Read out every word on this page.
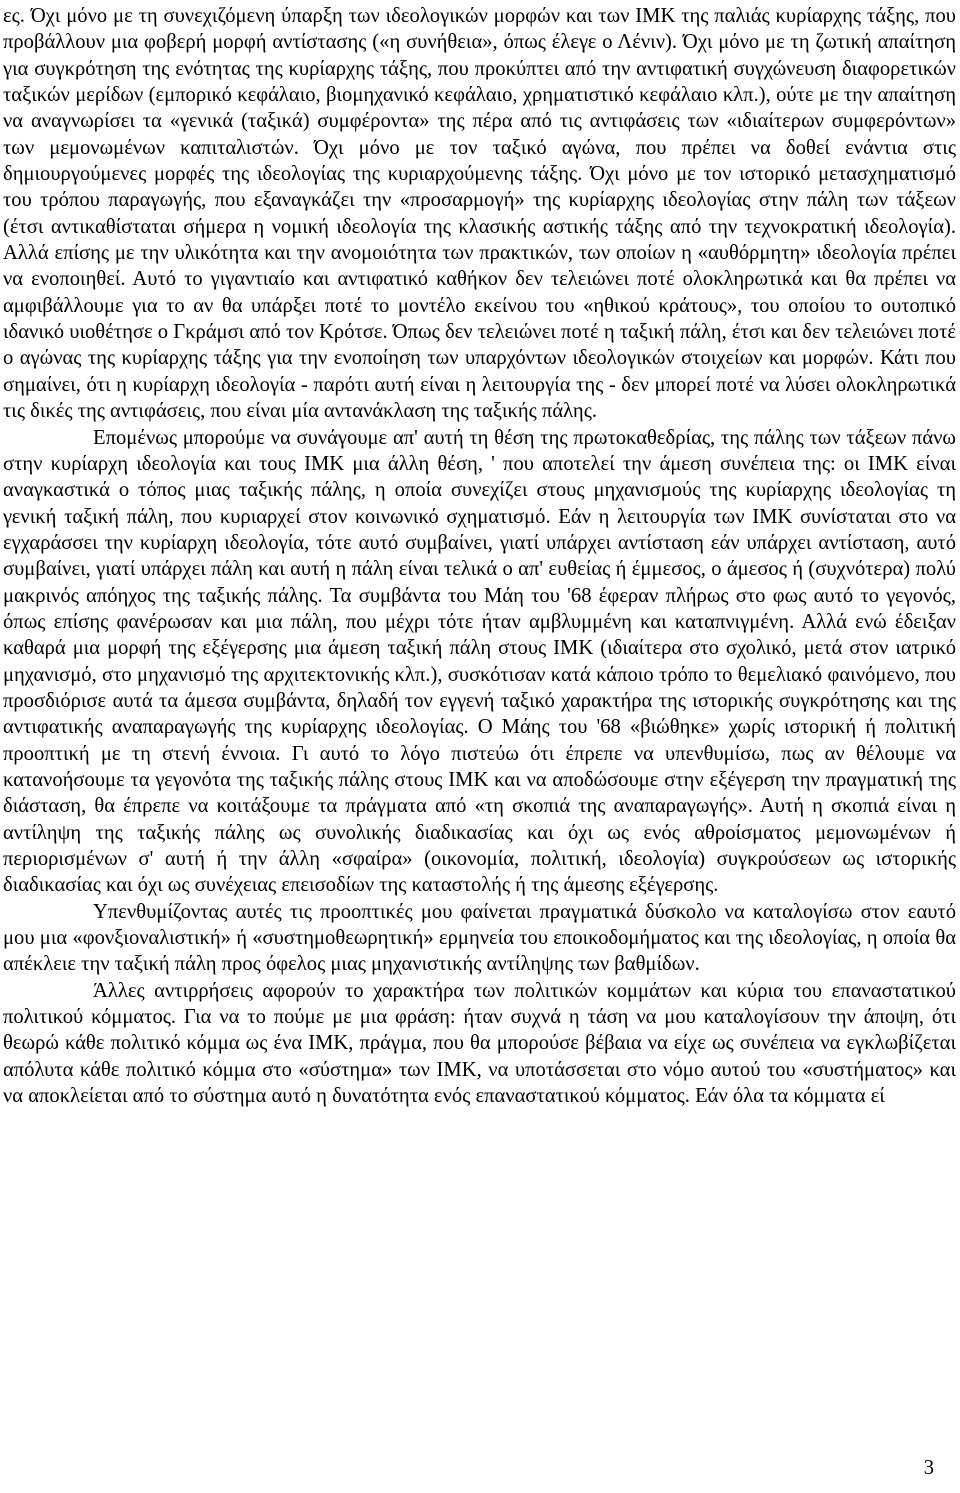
ες. Όχι μόνο με τη συνεχιζόμενη ύπαρξη των ιδεολογικών μορφών και των ΙΜΚ της παλιάς κυρίαρχης τάξης, που προβάλλουν μια φοβερή μορφή αντίστασης («η συνήθεια», όπως έλεγε ο Λένιν). Όχι μόνο με τη ζωτική απαίτηση για συγκρότηση της ενότητας της κυρίαρχης τάξης, που προκύπτει από την αντιφατική συγχώνευση διαφορετικών ταξικών μερίδων (εμπορικό κεφάλαιο, βιομηχανικό κεφάλαιο, χρηματιστικό κεφάλαιο κλπ.), ούτε με την απαίτηση να αναγνωρίσει τα «γενικά (ταξικά) συμφέροντα» της πέρα από τις αντιφάσεις των «ιδιαίτερων συμφερόντων» των μεμονωμένων καπιταλιστών. Όχι μόνο με τον ταξικό αγώνα, που πρέπει να δοθεί ενάντια στις δημιουργούμενες μορφές της ιδεολογίας της κυριαρχούμενης τάξης. Όχι μόνο με τον ιστορικό μετασχηματισμό του τρόπου παραγωγής, που εξαναγκάζει την «προσαρμογή» της κυρίαρχης ιδεολογίας στην πάλη των τάξεων (έτσι αντικαθίσταται σήμερα η νομική ιδεολογία της κλασικής αστικής τάξης από την τεχνοκρατική ιδεολογία). Αλλά επίσης με την υλικότητα και την ανομοιότητα των πρακτικών, των οποίων η «αυθόρμητη» ιδεολογία πρέπει να ενοποιηθεί. Αυτό το γιγαντιαίο και αντιφατικό καθήκον δεν τελειώνει ποτέ ολοκληρωτικά και θα πρέπει να αμφιβάλλουμε για το αν θα υπάρξει ποτέ το μοντέλο εκείνου του «ηθικού κράτους», του οποίου το ουτοπικό ιδανικό υιοθέτησε ο Γκράμσι από τον Κρότσε. Όπως δεν τελειώνει ποτέ η ταξική πάλη, έτσι και δεν τελειώνει ποτέ ο αγώνας της κυρίαρχης τάξης για την ενοποίηση των υπαρχόντων ιδεολογικών στοιχείων και μορφών. Κάτι που σημαίνει, ότι η κυρίαρχη ιδεολογία - παρότι αυτή είναι η λειτουργία της - δεν μπορεί ποτέ να λύσει ολοκληρωτικά τις δικές της αντιφάσεις, που είναι μία αντανάκλαση της ταξικής πάλης.

Επομένως μπορούμε να συνάγουμε απ' αυτή τη θέση της πρωτοκαθεδρίας, της πάλης των τάξεων πάνω στην κυρίαρχη ιδεολογία και τους ΙΜΚ μια άλλη θέση, ' που αποτελεί την άμεση συνέπεια της: οι ΙΜΚ είναι αναγκαστικά ο τόπος μιας ταξικής πάλης, η οποία συνεχίζει στους μηχανισμούς της κυρίαρχης ιδεολογίας τη γενική ταξική πάλη, που κυριαρχεί στον κοινωνικό σχηματισμό. Εάν η λειτουργία των ΙΜΚ συνίσταται στο να εγχαράσσει την κυρίαρχη ιδεολογία, τότε αυτό συμβαίνει, γιατί υπάρχει αντίσταση εάν υπάρχει αντίσταση, αυτό συμβαίνει, γιατί υπάρχει πάλη και αυτή η πάλη είναι τελικά ο απ' ευθείας ή έμμεσος, ο άμεσος ή (συχνότερα) πολύ μακρινός απόηχος της ταξικής πάλης. Τα συμβάντα του Μάη του '68 έφεραν πλήρως στο φως αυτό το γεγονός, όπως επίσης φανέρωσαν και μια πάλη, που μέχρι τότε ήταν αμβλυμμένη και καταπνιγμένη. Αλλά ενώ έδειξαν καθαρά μια μορφή της εξέγερσης μια άμεση ταξική πάλη στους ΙΜΚ (ιδιαίτερα στο σχολικό, μετά στον ιατρικό μηχανισμό, στο μηχανισμό της αρχιτεκτονικής κλπ.), συσκότισαν κατά κάποιο τρόπο το θεμελιακό φαινόμενο, που προσδιόρισε αυτά τα άμεσα συμβάντα, δηλαδή τον εγγενή ταξικό χαρακτήρα της ιστορικής συγκρότησης και της αντιφατικής αναπαραγωγής της κυρίαρχης ιδεολογίας. Ο Μάης του '68 «βιώθηκε» χωρίς ιστορική ή πολιτική προοπτική με τη στενή έννοια. Γι αυτό το λόγο πιστεύω ότι έπρεπε να υπενθυμίσω, πως αν θέλουμε να κατανοήσουμε τα γεγονότα της ταξικής πάλης στους ΙΜΚ και να αποδώσουμε στην εξέγερση την πραγματική της διάσταση, θα έπρεπε να κοιτάξουμε τα πράγματα από «τη σκοπιά της αναπαραγωγής». Αυτή η σκοπιά είναι η αντίληψη της ταξικής πάλης ως συνολικής διαδικασίας και όχι ως ενός αθροίσματος μεμονωμένων ή περιορισμένων σ' αυτή ή την άλλη «σφαίρα» (οικονομία, πολιτική, ιδεολογία) συγκρούσεων ως ιστορικής διαδικασίας και όχι ως συνέχειας επεισοδίων της καταστολής ή της άμεσης εξέγερσης.

Υπενθυμίζοντας αυτές τις προοπτικές μου φαίνεται πραγματικά δύσκολο να καταλογίσω στον εαυτό μου μια «φονξιοναλιστική» ή «συστημοθεωρητική» ερμηνεία του εποικοδομήματος και της ιδεολογίας, η οποία θα απέκλειε την ταξική πάλη προς όφελος μιας μηχανιστικής αντίληψης των βαθμίδων.

Άλλες αντιρρήσεις αφορούν το χαρακτήρα των πολιτικών κομμάτων και κύρια του επαναστατικού πολιτικού κόμματος. Για να το πούμε με μια φράση: ήταν συχνά η τάση να μου καταλογίσουν την άποψη, ότι θεωρώ κάθε πολιτικό κόμμα ως ένα ΙΜΚ, πράγμα, που θα μπορούσε βέβαια να είχε ως συνέπεια να εγκλωβίζεται απόλυτα κάθε πολιτικό κόμμα στο «σύστημα» των ΙΜΚ, να υποτάσσεται στο νόμο αυτού του «συστήματος» και να αποκλείεται από το σύστημα αυτό η δυνατότητα ενός επαναστατικού κόμματος. Εάν όλα τα κόμματα εί

3
